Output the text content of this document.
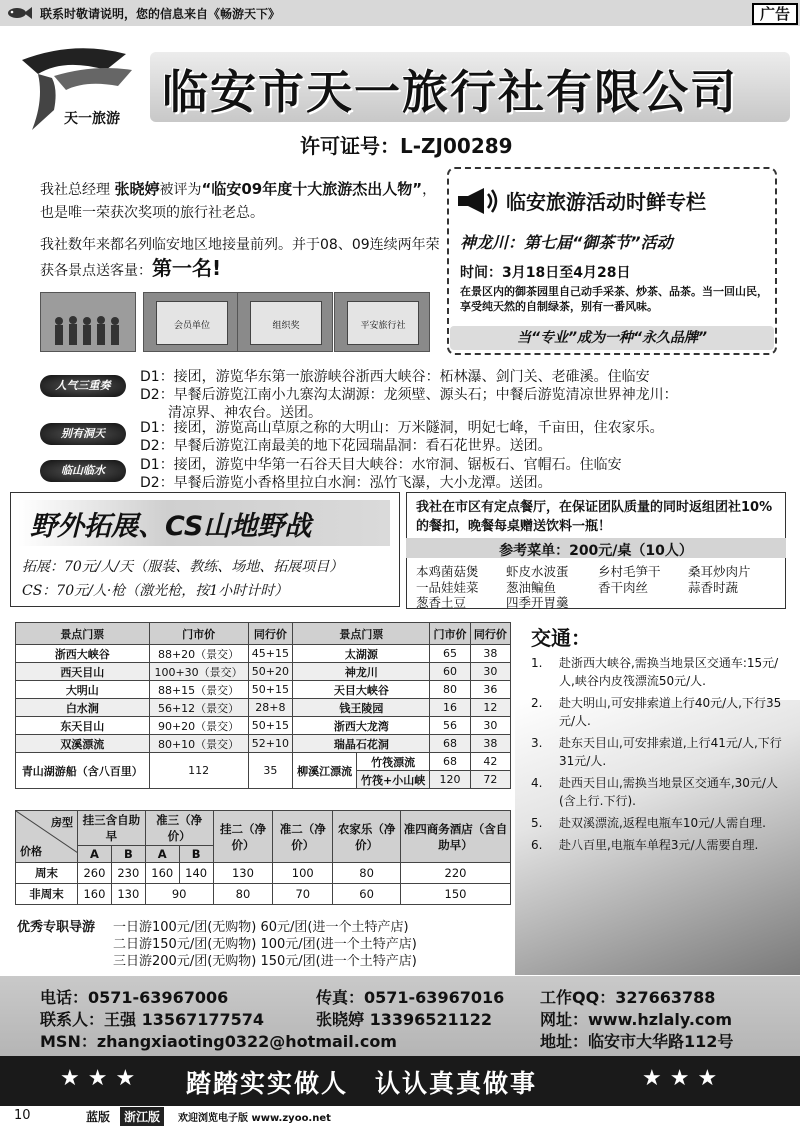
联系时敬请说明，您的信息来自《畅游天下》	广告
天一旅游 临安市天一旅行社有限公司
许可证号：L-ZJ00289
我社总经理 张晓婷被评为“临安09年度十大旅游杰出人物”，也是唯一荣获次奖项的旅行社老总。
我社数年来都名列临安地区地接量前列。并于08、09连续两年荣获各景点送客量：第一名!
会员单位	组织奖	平安旅行社
临安旅游活动时鲜专栏
神龙川：第七届“御茶节”活动
时间：3月18日至4月28日
在景区内的御茶园里自己动手采茶、炒茶、品茶。当一回山民，享受纯天然的自制绿茶，别有一番风味。
当“专业”成为一种“永久品牌”
人气三重奏
D1：接团，游览华东第一旅游峡谷浙西大峡谷：柘林瀑、剑门关、老碓溪。住临安
D2：早餐后游览江南小九寨沟太湖源：龙须壁、源头石；中餐后游览清凉世界神龙川：
　　清凉界、神农台。送团。
别有洞天	D1：接团，游览高山草原之称的大明山：万米隧洞，明妃七峰，千亩田，住农家乐。
D2：早餐后游览江南最美的地下花园瑞晶洞：看石花世界。送团。
临山临水	D1：接团，游览中华第一石谷天目大峡谷：水帘洞、锯板石、官帽石。住临安
D2：早餐后游览小香格里拉白水涧：泓竹飞瀑，大小龙潭。送团。
野外拓展、CS山地野战
拓展：70元/人/天（服装、教练、场地、拓展项目）
CS：70元/人·枪（激光枪，按1小时计时）
我社在市区有定点餐厅，在保证团队质量的同时返组团社10%的餐扣，晚餐每桌赠送饮料一瓶！
参考菜单：200元/桌（10人）
本鸡菌菇煲 虾皮水波蛋 乡村毛笋干 桑耳炒肉片
一品娃娃菜 葱油鳊鱼	香干肉丝	蒜香时蔬
葱香土豆	四季开胃羹
景点门票	门市价	同行价	景点门票		门市价	同行价
浙西大峡谷	88+20（景交）	45+15	太湖源		65	38
西天目山	100+30（景交）	50+20	神龙川		60	30
大明山	88+15（景交）	50+15	天目大峡谷		80	36
白水涧	56+12（景交）	28+8	钱王陵园		16	12
东天目山	90+20（景交）	50+15	浙西大龙湾		56	30
双溪漂流	80+10（景交）	52+10	瑞晶石花洞		68	38
青山湖游船（含八百里）	112	35	柳溪江漂流	竹筏漂流	68	42
				竹筏+小山峡	120	72
房型
价格	挂三含自助早		准三（净价）		挂二（净价）	准二（净价）	农家乐（净价）	准四商务酒店（含自助早）
	A	B	A	B				
周末	260	230	160	140	130	100	80	220
非周末	160	130	90		80	70	60	150
交通：
1. 赴浙西大峡谷,需换当地景区交通车:15元/人,峡谷内皮筏漂流50元/人.
2. 赴大明山,可安排索道上行40元/人,下行35元/人.
3. 赴东天目山,可安排索道,上行41元/人,下行31元/人.
4. 赴西天目山,需换当地景区交通车,30元/人(含上行.下行).
5. 赴双溪漂流,返程电瓶车10元/人需自理.
6. 赴八百里,电瓶车单程3元/人需要自理.
优秀专职导游 一日游100元/团(无购物) 60元/团(进一个土特产店)
二日游150元/团(无购物) 100元/团(进一个土特产店)
三日游200元/团(无购物) 150元/团(进一个土特产店)
电话：0571-63967006	传真：0571-63967016 工作QQ：327663788
联系人：王强 13567177574	张晓婷 13396521122	网址：www.hzlaly.com
MSN：zhangxiaoting0322@hotmail.com	地址：临安市大华路112号
★★★ 踏踏实实做人　认认真真做事	★★★
10	蓝版	浙江版	欢迎浏览电子版 www.zyoo.net
